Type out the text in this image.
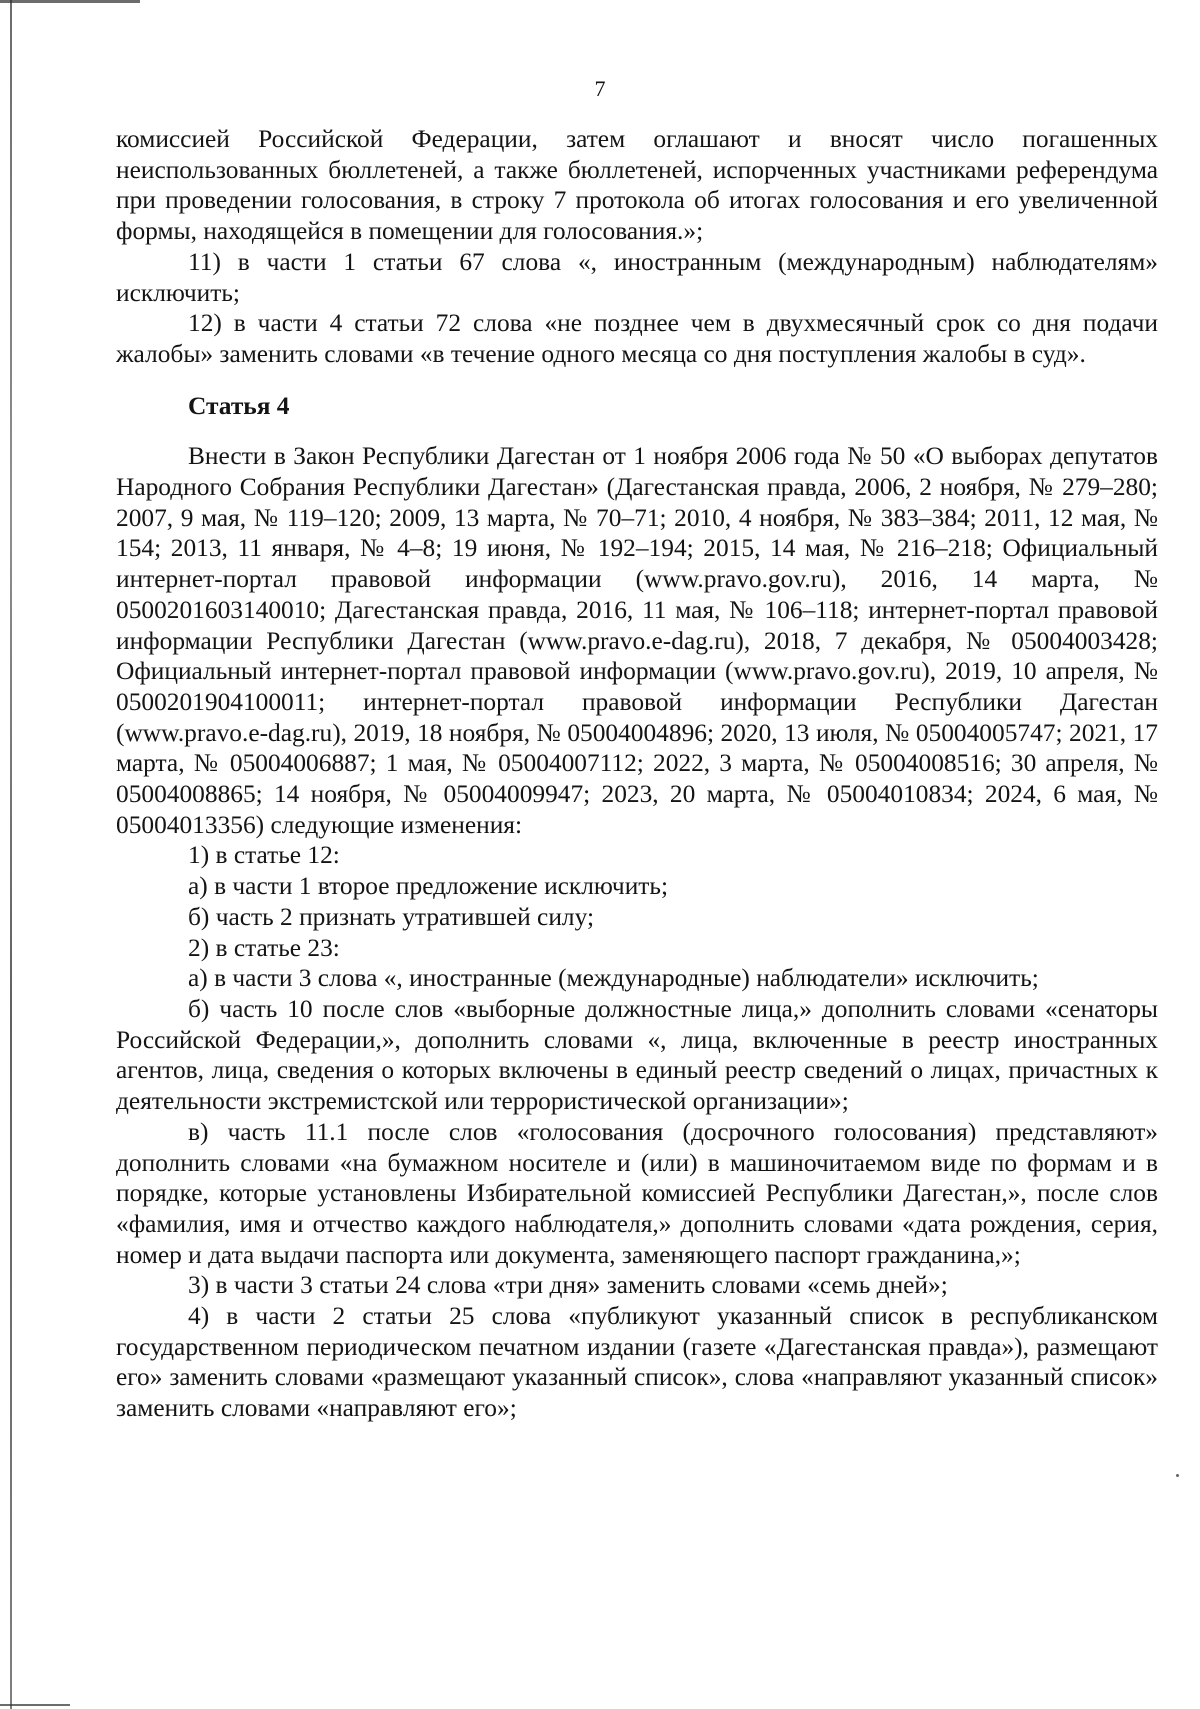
7

комиссией Российской Федерации, затем оглашают и вносят число погашенных неиспользованных бюллетеней, а также бюллетеней, испорченных участниками референдума при проведении голосования, в строку 7 протокола об итогах голосования и его увеличенной формы, находящейся в помещении для голосования.»;

11) в части 1 статьи 67 слова «, иностранным (международным) наблюдателям» исключить;

12) в части 4 статьи 72 слова «не позднее чем в двухмесячный срок со дня подачи жалобы» заменить словами «в течение одного месяца со дня поступления жалобы в суд».

Статья 4

Внести в Закон Республики Дагестан от 1 ноября 2006 года № 50 «О выборах депутатов Народного Собрания Республики Дагестан» (Дагестанская правда, 2006, 2 ноября, № 279–280; 2007, 9 мая, № 119–120; 2009, 13 марта, № 70–71; 2010, 4 ноября, № 383–384; 2011, 12 мая, № 154; 2013, 11 января, № 4–8; 19 июня, № 192–194; 2015, 14 мая, № 216–218; Официальный интернет-портал правовой информации (www.pravo.gov.ru), 2016, 14 марта, № 0500201603140010; Дагестанская правда, 2016, 11 мая, № 106–118; интернет-портал правовой информации Республики Дагестан (www.pravo.e-dag.ru), 2018, 7 декабря, № 05004003428; Официальный интернет-портал правовой информации (www.pravo.gov.ru), 2019, 10 апреля, № 0500201904100011; интернет-портал правовой информации Республики Дагестан (www.pravo.e-dag.ru), 2019, 18 ноября, № 05004004896; 2020, 13 июля, № 05004005747; 2021, 17 марта, № 05004006887; 1 мая, № 05004007112; 2022, 3 марта, № 05004008516; 30 апреля, № 05004008865; 14 ноября, № 05004009947; 2023, 20 марта, № 05004010834; 2024, 6 мая, № 05004013356) следующие изменения:

1) в статье 12:

а) в части 1 второе предложение исключить;

б) часть 2 признать утратившей силу;

2) в статье 23:

а) в части 3 слова «, иностранные (международные) наблюдатели» исключить;

б) часть 10 после слов «выборные должностные лица,» дополнить словами «сенаторы Российской Федерации,», дополнить словами «, лица, включенные в реестр иностранных агентов, лица, сведения о которых включены в единый реестр сведений о лицах, причастных к деятельности экстремистской или террористической организации»;

в) часть 11.1 после слов «голосования (досрочного голосования) представляют» дополнить словами «на бумажном носителе и (или) в машиночитаемом виде по формам и в порядке, которые установлены Избирательной комиссией Республики Дагестан,», после слов «фамилия, имя и отчество каждого наблюдателя,» дополнить словами «дата рождения, серия, номер и дата выдачи паспорта или документа, заменяющего паспорт гражданина,»;

3) в части 3 статьи 24 слова «три дня» заменить словами «семь дней»;

4) в части 2 статьи 25 слова «публикуют указанный список в республиканском государственном периодическом печатном издании (газете «Дагестанская правда»), размещают его» заменить словами «размещают указанный список», слова «направляют указанный список» заменить словами «направляют его»;
